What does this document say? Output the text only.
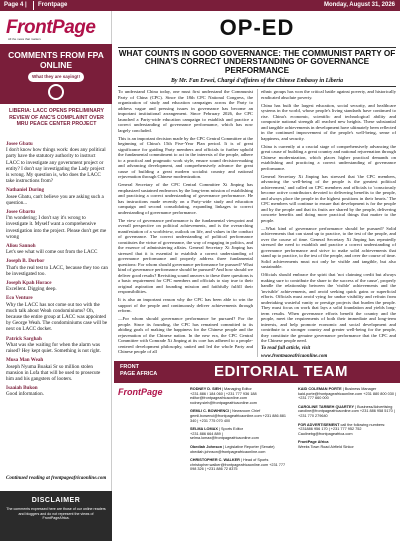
Page 4 | Frontpage	Monday, August 31, 2026
FrontPage
All the news that matters
COMMENTS FROM FPA ONLINE
What they are saying!!
LIBERIA: LACC OPENS PRELIMINARY REVIEW OF ANC'S COMPLAINT OVER MRU PEACE CENTER PROJECT
Josee Gbatu
I don't know how things work: does any political party have the statutory authority to instruct LACC to investigate any government project or entity? I don't say investigating the Lady project is wrong. My question is, who does the LACC take instructions from?
Nathaniel During
Josee Gbatu, can't believe you are asking such a question...
Josee Gbartu
I'm wondering; I don't say it's wrong to investigate it. Myself want a comprehensive investigation into the project. Please don't get me wrong
Aliou Sannoh
Let's see what will come out from the LACC
Joseph B. Dorbor
That's the real test to LACC, because they too can be investigated too.
Joseph Kpah Horace
Excellent. Digging deep.
Eco Venture
Why the LACC has not come out too with the much talk about Weah condominiums? Oh, because the entire group at LACC was appointed by George Weah. The condominiums case will be next on LACC docket.
Patrick Sarghah
What was she waiting for when the alarm was raised? Hey kept quiet. Something is not right.
Musa Man Weah
Joseph Nyuma Boakai Sr so million stolen mansion in Lofa that will be used to prosecute him and his gangsters of looters.
Isaaiah Bukon
Good information.
Continued reading at frontpageafricaonline.com
DISCLAIMER
The comments expressed here are those of our online readers and bloggers and do not represent the views of FrontPageAfrica.
OP-ED
WHAT COUNTS IN GOOD GOVERNANCE: THE COMMUNIST PARTY OF CHINA'S CORRECT UNDERSTANDING OF GOVERNANCE PERFORMANCE
By Mr. Fan Erwei, Chargé d'affaires of the Chinese Embassy in Liberia

To understand China today, one must first understand the Communist Party of China (CPC). Since the 18th CPC National Congress, the organization of study and education campaigns across the Party to address vague and pressing issues in governance has become an important institutional arrangement. Since February 2026, the CPC launched a Party-wide education campaign to establish and practice a correct understanding of governance performance, which has now largely concluded.

This is an important decision made by the CPC Central Committee at the beginning of China's 15th Five-Year Plan period. It is of great significance for guiding Party members and officials to further uphold the fundamental commitment to act in the interests of the people, adhere to a practical and pragmatic work style, ensure sound decision-making and advancing development, and comprehensively advance the great cause of building a great modern socialist country and national rejuvenation through Chinese modernization.

General Secretary of the CPC Central Committee Xi Jinping has emphasized sustained endeavors by the long-term mission of establishing and practicing a correct understanding of governance performance. He has instructions made recently on a Party-wide study and education campaign and second consolidating, expanding linkages to correct understanding of governance performance.

The view of governance performance is the fundamental viewpoint and overall perspective on political achievements, and is the overarching manifestation of a worldview, outlook on life, and values in the conduct of governance. The correct understanding of political performance constitutes the virtue of governance, the way of engaging in politics, and the essence of administering affairs. General Secretary Xi Jinping has stressed that it is essential to establish a correct understanding of governance performance and properly address three fundamental questions: For whom should governance performance be pursued? What kind of governance performance should be pursued? And how should we deliver good results? Revisiting sound answers to these three questions is a basic requirement for CPC members and officials to stay true to their original aspiration and founding mission and faithfully fulfill their responsibilities.

It is also an important reason why the CPC has been able to win the support of the people and continuously deliver achievements through reform.

—For whom should governance performance be pursued? For the people. Since its founding, the CPC has remained committed to its abiding goals of making the happiness for the Chinese people and the rejuvenation of the Chinese nation. In the new era, the CPC Central Committee with Comrade Xi Jinping at its core has adhered to a people-centered development philosophy, united and led the whole Party and Chinese people of all

ethnic groups has won the critical battle against poverty, and historically eradicated absolute poverty.

China has built the largest education, social security, and healthcare systems in the world, whose people's living standards have continued to rise. China's economic, scientific and technological ability and composite national strength all reached new heights. These substantial and tangible achievements in development have ultimately been reflected in the continued improvement of the people's well-being, sense of happiness, and security.

China is currently at a crucial stage of comprehensively advancing the great cause of building a great country and national rejuvenation through Chinese modernization, which places higher practical demands on establishing and practicing a correct understanding of governance performance.

General Secretary Xi Jinping has stressed that 'the CPC members, advancing the well-being of the people is the greatest political achievement,' and called on CPC members and officials to 'consciously become active contributors devoted to delivering benefits to the people, and always place the people in the highest positions in their hearts.' The CPC members will continue to ensure that development is for the people and by the people and that its fruits are shared by the people, delivering concrete benefits and doing more practical things that matter to the people.

—What kind of governance performance should be pursued? Solid achievements that can stand up to practice, to the test of the people, and over the course of time. General Secretary Xi Jinping has repeatedly stressed the need to establish and practice a correct understanding of governance performance and strive to make solid achievements that stand up to practice, to the test of the people, and over the course of time. Solid achievements must not only be visible and tangible, but also sustainable.

Officials should embrace the spirit that 'not claiming credit but always making sure to contribute the share to the success of the cause', properly handle the relationship between the 'visible' achievements and the 'invisible' achievements, and avoid seeking quick gains or superficial efforts. Officials must avoid vying for undue visibility and refrain from undertaking wasteful vanity or prestige projects that burden the people. They must focus on work that lays a solid foundation and yields long-term results. When governance efforts benefit the country and the people, meet the requirements of both their immediate and long-term interests, and help promote economic and social development and contribute to a stronger country and greater well-being for the people, they constitute the genuine governance performance that the CPC and the Chinese people need.

To read full article, visit

www.frontpageafricaonline.com

FRONT
PAGE AFRICA	EDITORIAL TEAM
FrontPage	RODNEY D. SIEH | Managing Editor
+231 886 / 184 060 | +231 777 936 188 editor@frontpageafricaonline.com rodney.sieh@frontpageafricaonline.com
GEMLI C. BOWHENCI | Newsroom Chief
gemli.bowenci@frontpageafricaonline.com +231 886 881 340 | +231 775 070 400
SELMA LOMAX | Sports Editor
+231 886 664 889 | selma.lomax@frontpageafricaonline.com
Obediah Johnson | Legislative Reporter (Senate)
obediah.johnson@frontpageafricaonline.com
CHRISTOPHER C. WALKER | Head of Sports
christopher.walker@frontpageafricaonline.com +231 777 098 326 | +231 886 72 8375
KAID COLEMAN PORTE | Business Manager
kaid.porte@frontpageafricaonline.com +231 880 800 030 | +231 777 660 000
CAROLINE TARBEH QUARTEY | Business/Advertising
caroline@frontpageafricaonline.com +231 886 958 5170 | +231 770 279640
FOR ADVERTISEMENT call the following numbers:
+231886 956 170 | +231 777 952 752 Caolinebg@frontpageafrica.com
FrontPage Africa
Weeks Town Road Airfield Sinkor
